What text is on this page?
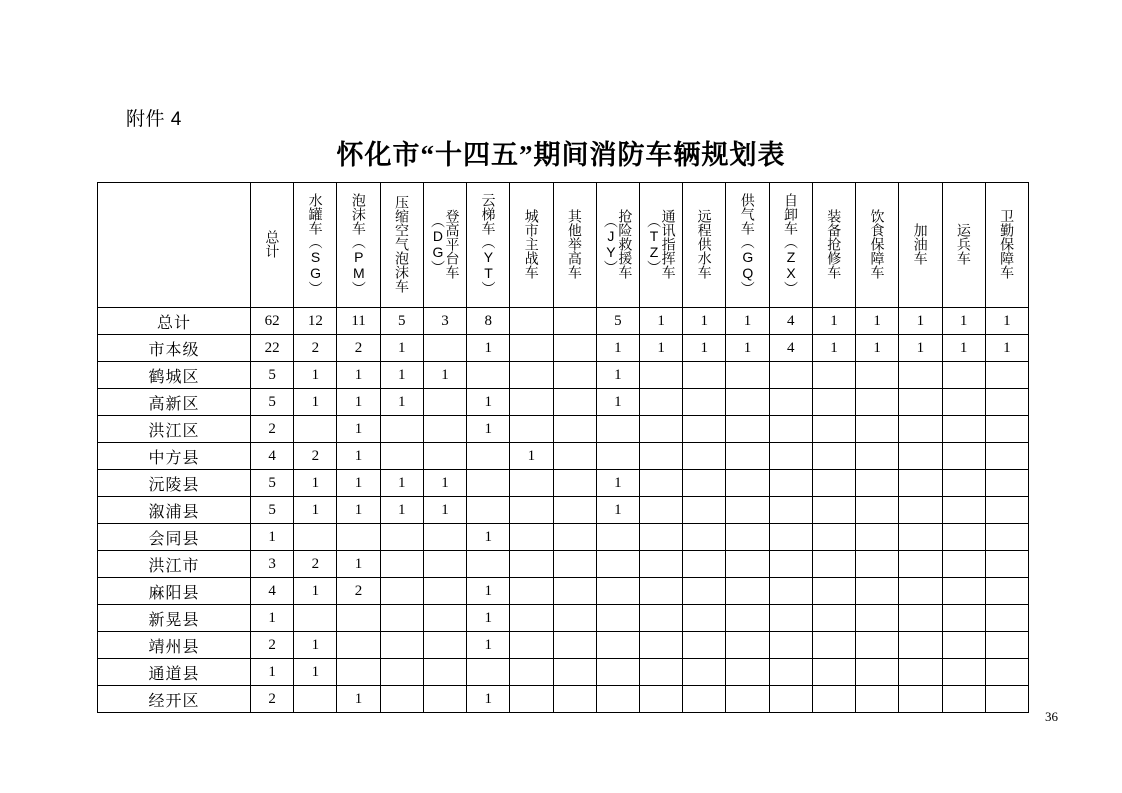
附件 4
怀化市“十四五”期间消防车辆规划表
	总计	水罐车（SG）	泡沫车（PM）	压缩空气泡沫车	登高平台车（DG）	云梯车（YT）	城市主战车	其他举高车	抢险救援车（JY）	通讯指挥车（TZ）	远程供水车	供气车（GQ）	自卸车（ZX）	装备抢修车	饮食保障车	加油车	运兵车	卫勤保障车
总计	62	12	11	5	3	8			5	1	1	1	4	1	1	1	1	1
市本级	22	2	2	1		1			1	1	1	1	4	1	1	1	1	1
鹤城区	5	1	1	1	1				1									
高新区	5	1	1	1		1			1									
洪江区	2		1			1												
中方县	4	2	1				1											
沅陵县	5	1	1	1	1				1									
溆浦县	5	1	1	1	1				1									
会同县	1					1												
洪江市	3	2	1															
麻阳县	4	1	2			1												
新晃县	1					1												
靖州县	2	1				1												
通道县	1	1																
经开区	2		1			1												
36
